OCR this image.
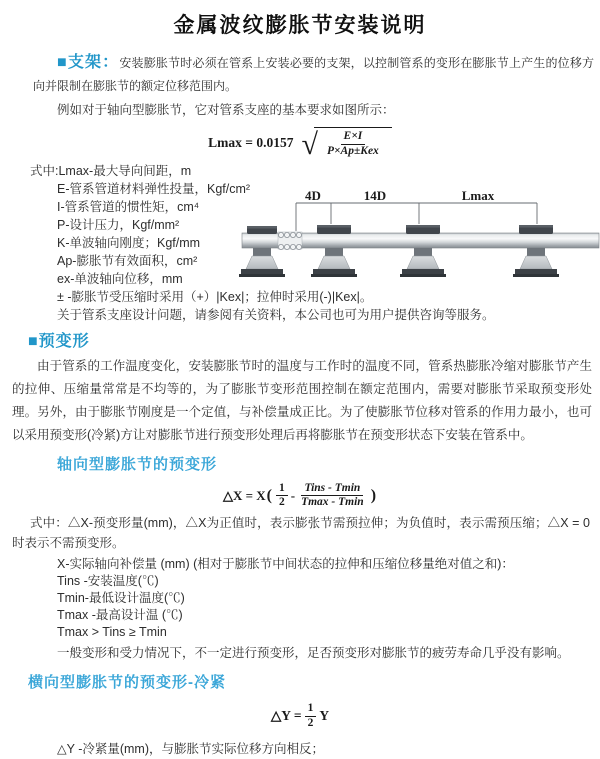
金属波纹膨胀节安装说明

■支架：安装膨胀节时必须在管系上安装必要的支架，以控制管系的变形在膨胀节上产生的位移方向并限制在膨胀节的额定位移范围内。

例如对于轴向型膨胀节，它对管系支座的基本要求如图所示：

Lmax = 0.0157 √ $\frac{E\times I}{\text{P×Ap±Kex}}$
式中:Lmax-最大导向间距，m
E-管系管道材料弹性投量，Kgf/cm²
I-管系管道的惯性矩，cm⁴
P-设计压力，Kgf/mm²
K-单波轴向刚度；Kgf/mm
Ap-膨胀节有效面积，cm²
ex-单波轴向位移，mm
± -膨胀节受压缩时采用（+）|Kex|；拉伸时采用(-)|Kex|。
关于管系支座设计问题，请参阅有关资料，本公司也可为用户提供咨询等服务。
4D	14D	Lmax
■预变形

由于管系的工作温度变化，安装膨胀节时的温度与工作时的温度不同，管系热膨胀冷缩对膨胀节产生的拉伸、压缩量常常是不均等的，为了膨胀节变形范围控制在额定范围内，需要对膨胀节采取预变形处理。另外，由于膨胀节刚度是一个定值，与补偿量成正比。为了使膨胀节位移对管系的作用力最小，也可以采用预变形(冷紧)方让对膨胀节进行预变形处理后再将膨胀节在预变形状态下安装在管系中。

轴向型膨胀节的预变形
△X = X ( $\frac{1}{2} - \frac{\text{Tins - Tmin}}{Tmax - Tmin}$ )

式中：△X-预变形量(mm)，△X为正值时，表示膨张节需预拉伸；为负值时，表示需预压缩；△X = 0时表示不需预变形。

X-实际轴向补偿量 (mm) (相对于膨胀节中间状态的拉伸和压缩位移量绝对值之和)：
Tins -安装温度(℃)
Tmin-最低设计温度(℃)
Tmax -最高设计温 (℃)
Tmax > Tins ≥ Tmin

一般变形和受力情况下，不一定进行预变形，足否预变形对膨胀节的疲劳寿命几乎没有影响。

横向型膨胀节的预变形-冷紧
△Y = $\frac{1}{2}$ Y

△Y -冷紧量(mm)，与膨胀节实际位移方向相反；
